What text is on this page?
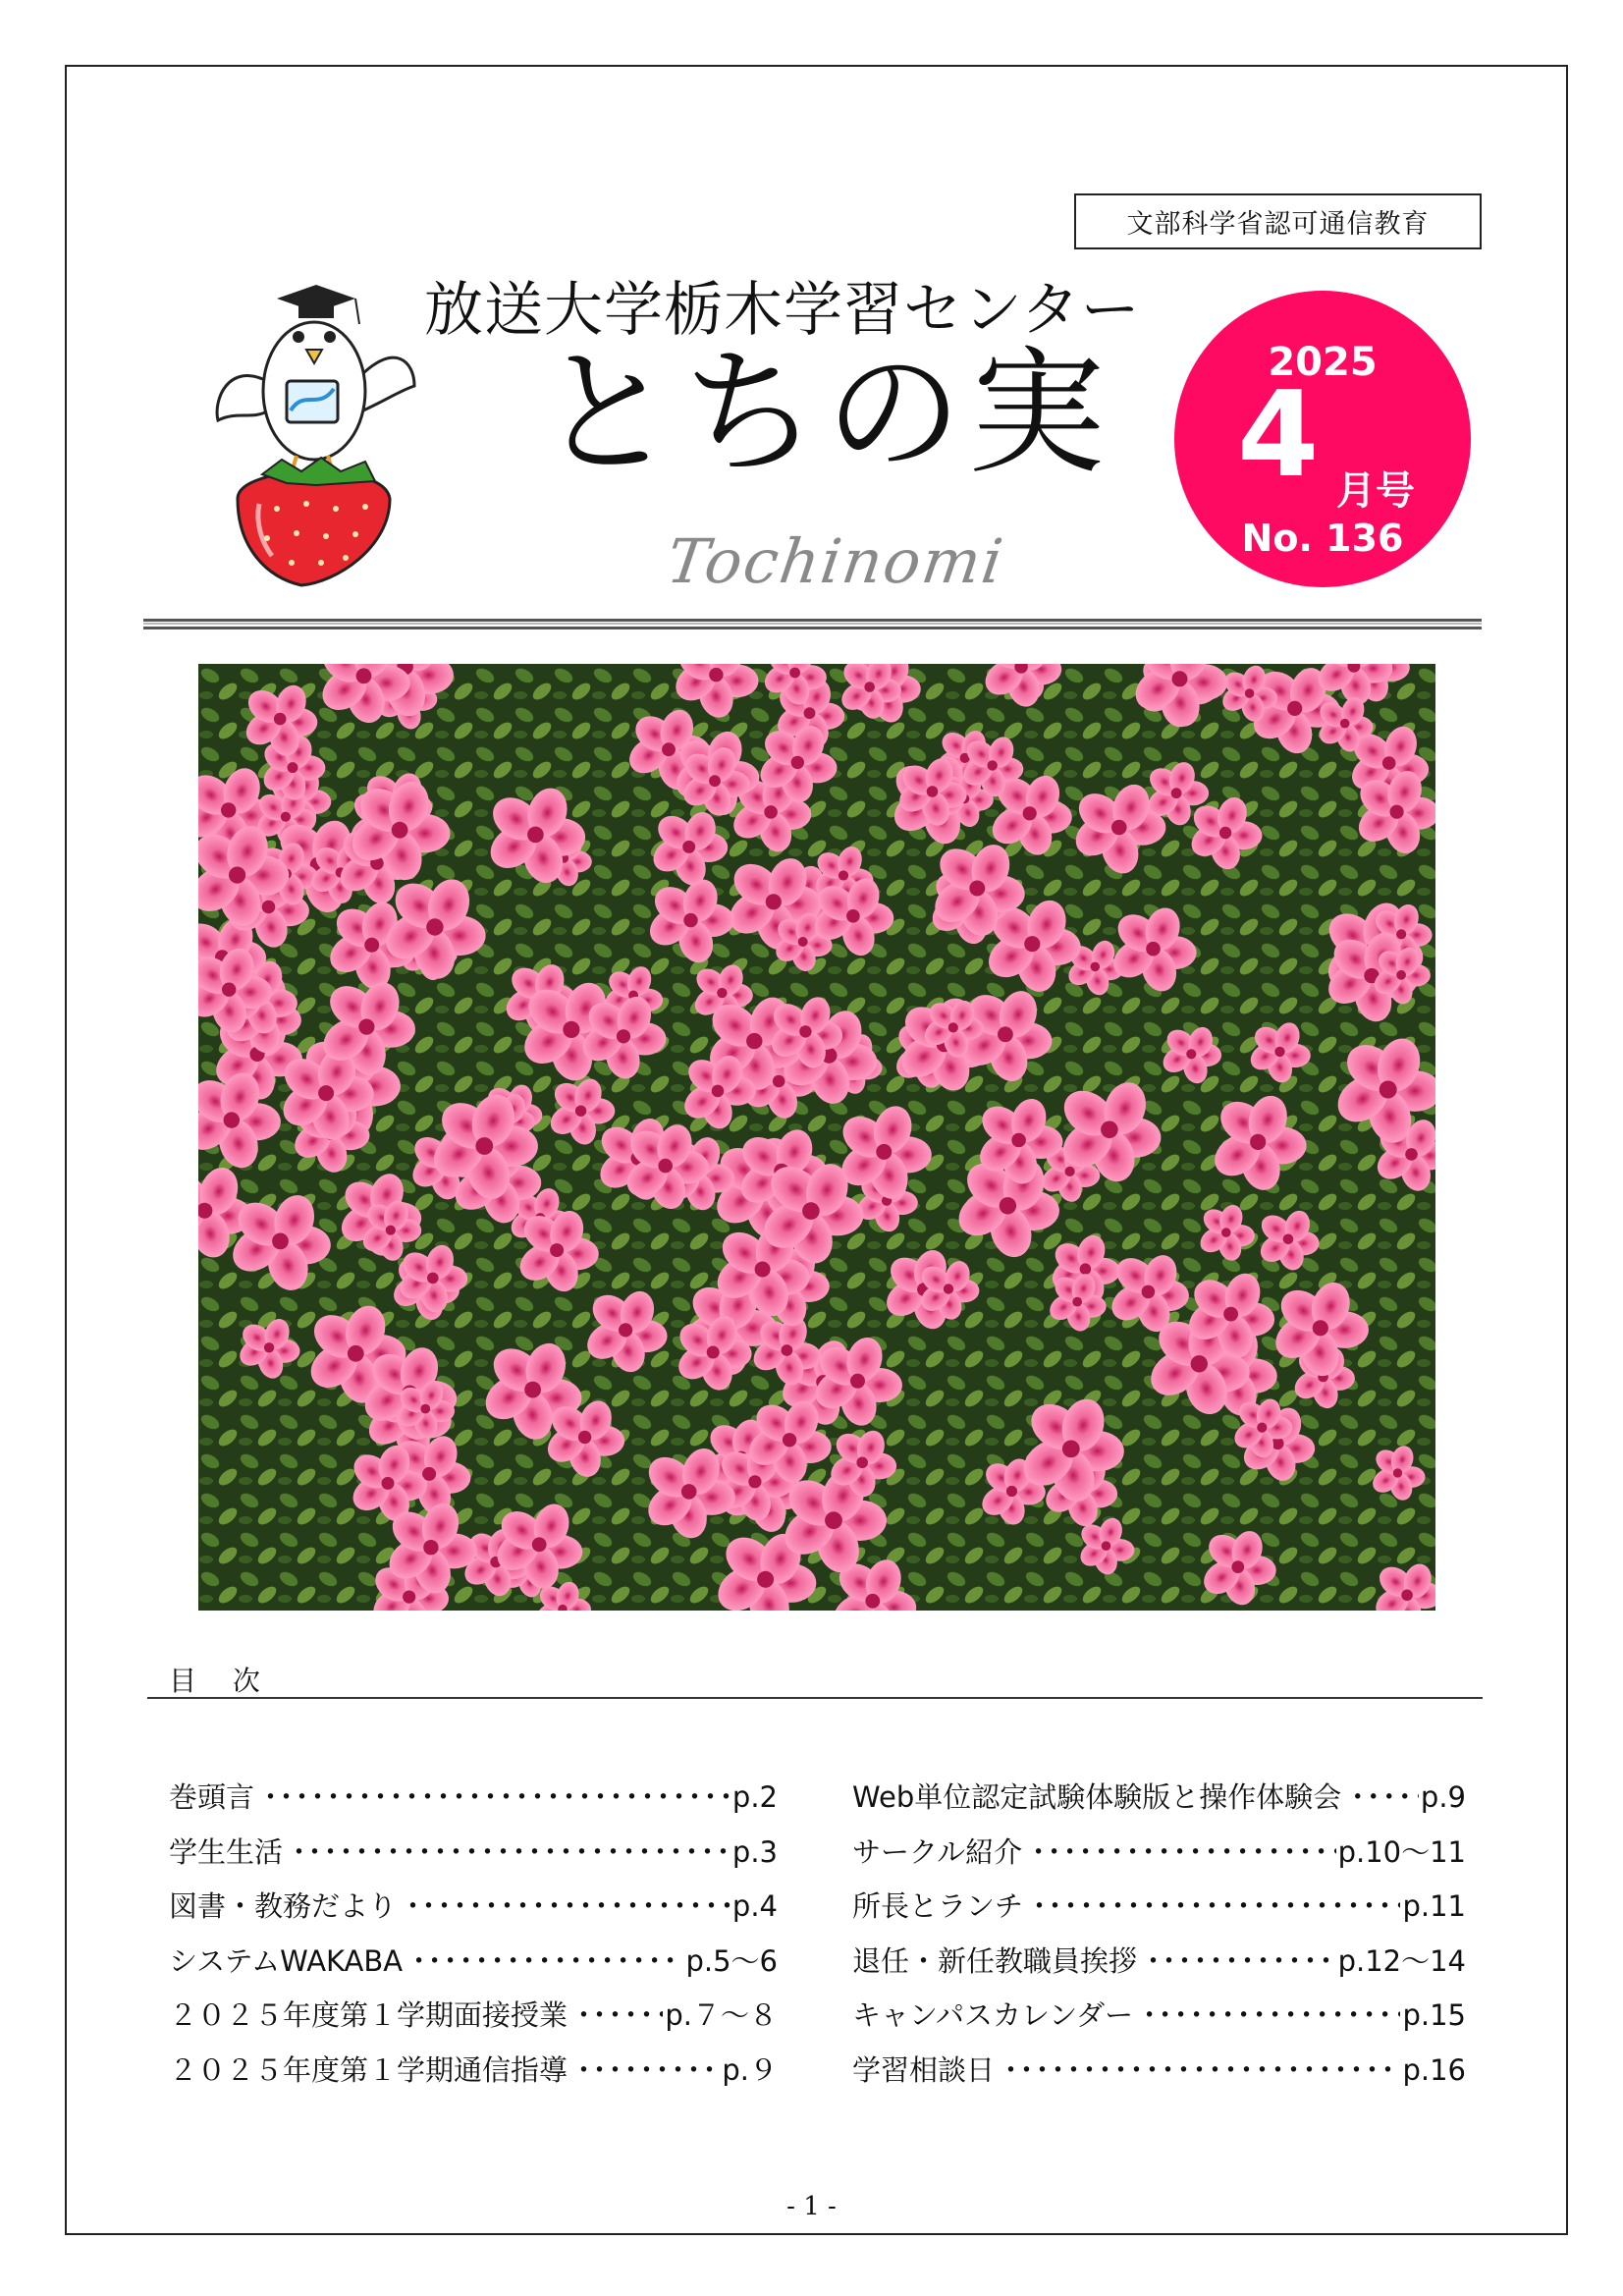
文部科学省認可通信教育
放送大学栃木学習センター
とちの実
Tochinomi
2025
4 月号
No. 136
目 次
巻頭言 ・・・・・・・・・・・・・・・・・・・・・・・・・・・・・・・・・・・・・・・・	p.2
学生生活 ・・・・・・・・・・・・・・・・・・・・・・・・・・・・・・・・・・・・・・・・	p.3
図書・教務だより ・・・・・・・・・・・・・・・・・・・・・・・・・・・・・・・・・・・・・・・・	p.4
システムWAKABA ・・・・・・・・・・・・・・・・・・・・・・・・・・・・・・・・・・・・・・・・	p.5～6
２０２５年度第１学期面接授業 ・・・・・・・・・・・・・・・・・・・・・・・・・・・・・・・・・・・・・・・・	p.７～８
２０２５年度第１学期通信指導 ・・・・・・・・・・・・・・・・・・・・・・・・・・・・・・・・・・・・・・・・	p.９
Web単位認定試験体験版と操作体験会 ・・・・・・・・・・・・・・・・・・・・・・・・・・・・・・・・・・・・・・・・	p.9
サークル紹介 ・・・・・・・・・・・・・・・・・・・・・・・・・・・・・・・・・・・・・・・・	p.10～11
所長とランチ ・・・・・・・・・・・・・・・・・・・・・・・・・・・・・・・・・・・・・・・・	p.11
退任・新任教職員挨拶 ・・・・・・・・・・・・・・・・・・・・・・・・・・・・・・・・・・・・・・・・	p.12～14
キャンパスカレンダー ・・・・・・・・・・・・・・・・・・・・・・・・・・・・・・・・・・・・・・・・	p.15
学習相談日 ・・・・・・・・・・・・・・・・・・・・・・・・・・・・・・・・・・・・・・・・	p.16
- 1 -
